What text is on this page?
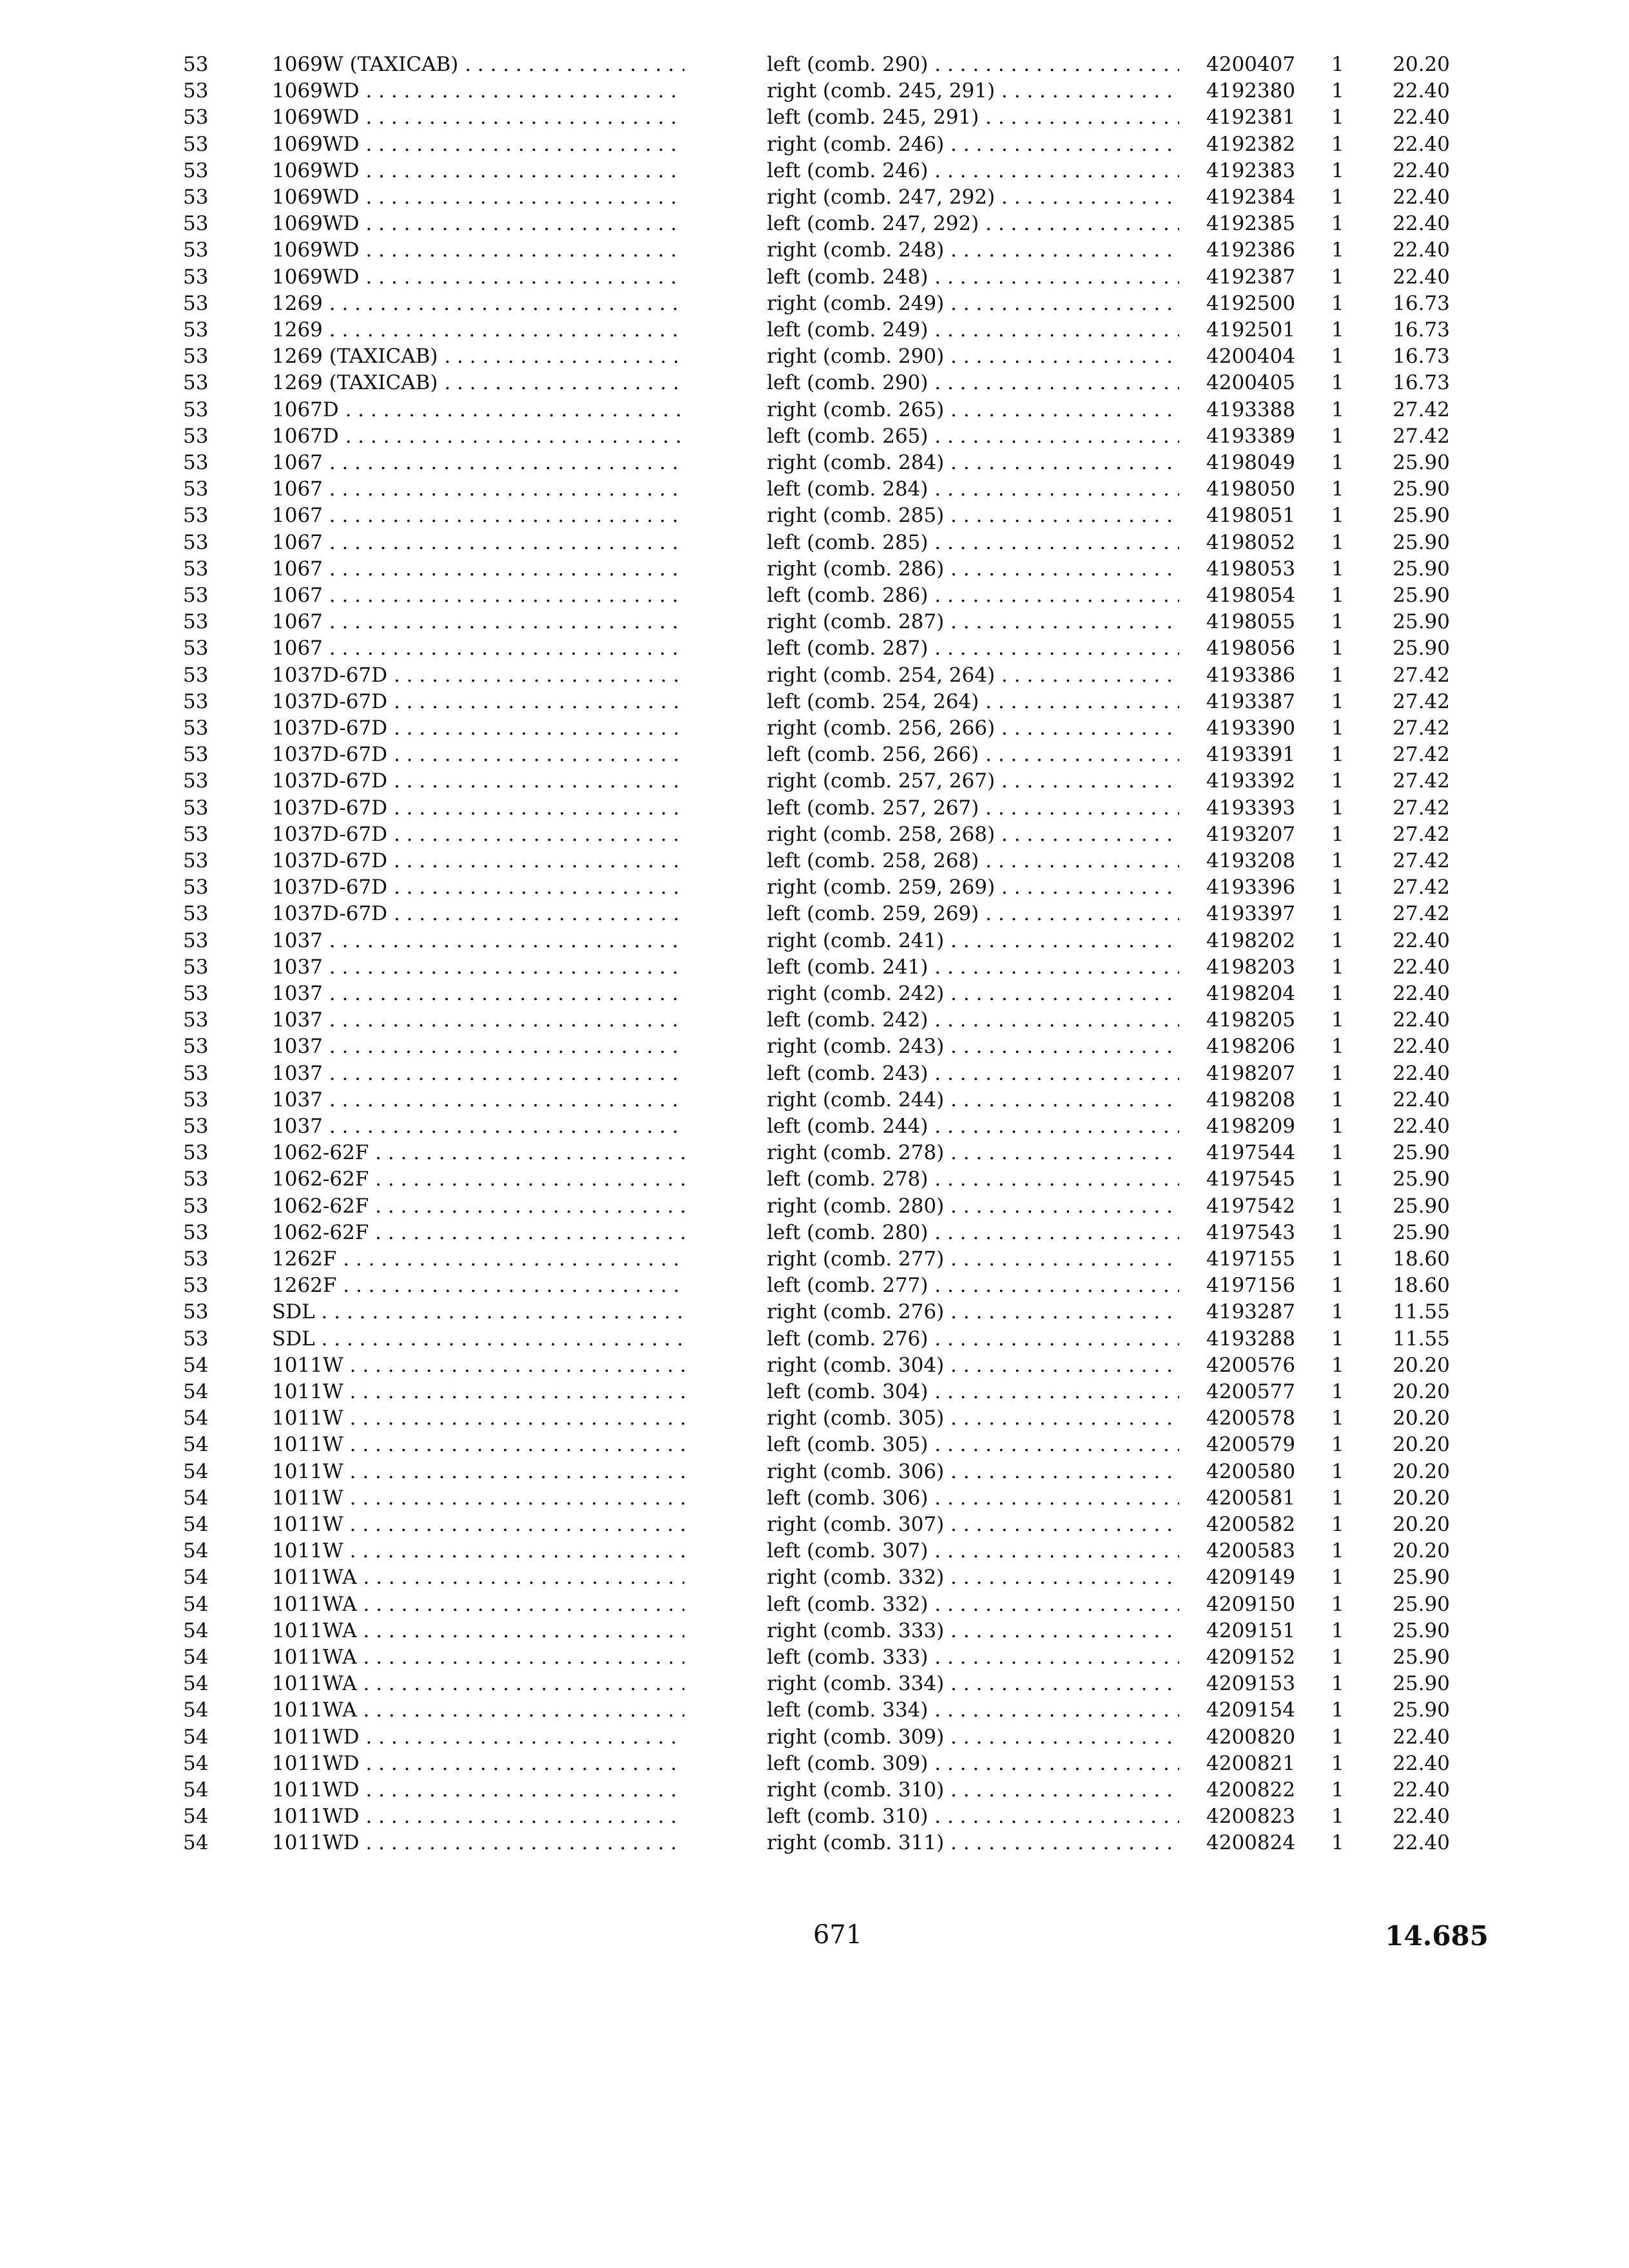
53	1069W (TAXICAB) . . .	left (comb. 290) . . .	4200407 1	20.20
53	1069WD . . .	right (comb. 245, 291) . . .	4192380 1	22.40
53	1069WD . . .	left (comb. 245, 291) . . .	4192381 1	22.40
53	1069WD . . .	right (comb. 246) . . .	4192382 1	22.40
53	1069WD . . .	left (comb. 246) . . .	4192383 1	22.40
53	1069WD . . .	right (comb. 247, 292) . . .	4192384 1	22.40
53	1069WD . . .	left (comb. 247, 292) . . .	4192385 1	22.40
53	1069WD . . .	right (comb. 248) . . .	4192386 1	22.40
53	1069WD . . .	left (comb. 248) . . .	4192387 1	22.40
53	1269 . . .	right (comb. 249) . . .	4192500 1	16.73
53	1269 . . .	left (comb. 249) . . .	4192501 1	16.73
53	1269 (TAXICAB) . . .	right (comb. 290) . . .	4200404 1	16.73
53	1269 (TAXICAB) . . .	left (comb. 290) . . .	4200405 1	16.73
53	1067D . . .	right (comb. 265) . . .	4193388 1	27.42
53	1067D . . .	left (comb. 265) . . .	4193389 1	27.42
53	1067 . . .	right (comb. 284) . . .	4198049 1	25.90
53	1067 . . .	left (comb. 284) . . .	4198050 1	25.90
53	1067 . . .	right (comb. 285) . . .	4198051 1	25.90
53	1067 . . .	left (comb. 285) . . .	4198052 1	25.90
53	1067 . . .	right (comb. 286) . . .	4198053 1	25.90
53	1067 . . .	left (comb. 286) . . .	4198054 1	25.90
53	1067 . . .	right (comb. 287) . . .	4198055 1	25.90
53	1067 . . .	left (comb. 287) . . .	4198056 1	25.90
53	1037D-67D . . .	right (comb. 254, 264) . . .	4193386 1	27.42
53	1037D-67D . . .	left (comb. 254, 264) . . .	4193387 1	27.42
53	1037D-67D . . .	right (comb. 256, 266) . . .	4193390 1	27.42
53	1037D-67D . . .	left (comb. 256, 266) . . .	4193391 1	27.42
53	1037D-67D . . .	right (comb. 257, 267) . . .	4193392 1	27.42
53	1037D-67D . . .	left (comb. 257, 267) . . .	4193393 1	27.42
53	1037D-67D . . .	right (comb. 258, 268) . . .	4193207 1	27.42
53	1037D-67D . . .	left (comb. 258, 268) . . .	4193208 1	27.42
53	1037D-67D . . .	right (comb. 259, 269) . . .	4193396 1	27.42
53	1037D-67D . . .	left (comb. 259, 269) . . .	4193397 1	27.42
53	1037 . . .	right (comb. 241) . . .	4198202 1	22.40
53	1037 . . .	left (comb. 241) . . .	4198203 1	22.40
53	1037 . . .	right (comb. 242) . . .	4198204 1	22.40
53	1037 . . .	left (comb. 242) . . .	4198205 1	22.40
53	1037 . . .	right (comb. 243) . . .	4198206 1	22.40
53	1037 . . .	left (comb. 243) . . .	4198207 1	22.40
53	1037 . . .	right (comb. 244) . . .	4198208 1	22.40
53	1037 . . .	left (comb. 244) . . .	4198209 1	22.40
53	1062-62F . . .	right (comb. 278) . . .	4197544 1	25.90
53	1062-62F . . .	left (comb. 278) . . .	4197545 1	25.90
53	1062-62F . . .	right (comb. 280) . . .	4197542 1	25.90
53	1062-62F . . .	left (comb. 280) . . .	4197543 1	25.90
53	1262F . . .	right (comb. 277) . . .	4197155 1	18.60
53	1262F . . .	left (comb. 277) . . .	4197156 1	18.60
53	SDL . . .	right (comb. 276) . . .	4193287 1	11.55
53	SDL . . .	left (comb. 276) . . .	4193288 1	11.55
54	1011W . . .	right (comb. 304) . . .	4200576 1	20.20
54	1011W . . .	left (comb. 304) . . .	4200577 1	20.20
54	1011W . . .	right (comb. 305) . . .	4200578 1	20.20
54	1011W . . .	left (comb. 305) . . .	4200579 1	20.20
54	1011W . . .	right (comb. 306) . . .	4200580 1	20.20
54	1011W . . .	left (comb. 306) . . .	4200581 1	20.20
54	1011W . . .	right (comb. 307) . . .	4200582 1	20.20
54	1011W . . .	left (comb. 307) . . .	4200583 1	20.20
54	1011WA . . .	right (comb. 332) . . .	4209149 1	25.90
54	1011WA . . .	left (comb. 332) . . .	4209150 1	25.90
54	1011WA . . .	right (comb. 333) . . .	4209151 1	25.90
54	1011WA . . .	left (comb. 333) . . .	4209152 1	25.90
54	1011WA . . .	right (comb. 334) . . .	4209153 1	25.90
54	1011WA . . .	left (comb. 334) . . .	4209154 1	25.90
54	1011WD . . .	right (comb. 309) . . .	4200820 1	22.40
54	1011WD . . .	left (comb. 309) . . .	4200821 1	22.40
54	1011WD . . .	right (comb. 310) . . .	4200822 1	22.40
54	1011WD . . .	left (comb. 310) . . .	4200823 1	22.40
54	1011WD . . .	right (comb. 311) . . .	4200824 1	22.40
671	14.685
